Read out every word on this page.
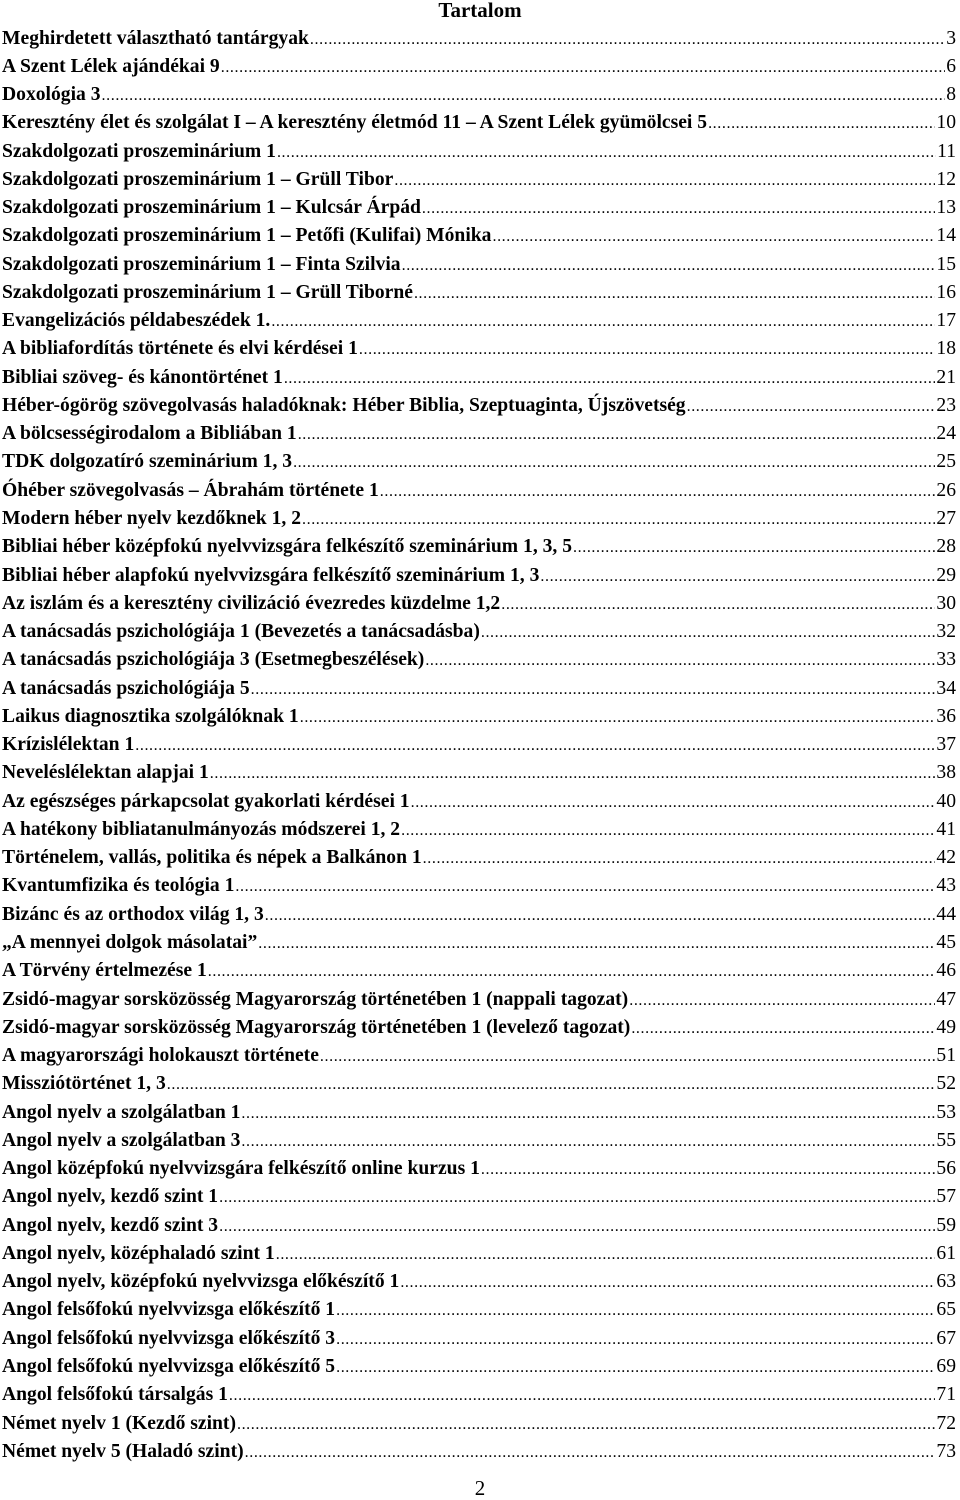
Tartalom
Meghirdetett választható tantárgyak .....	3
A Szent Lélek ajándékai 9 .....	6
Doxológia 3 .....	8
Keresztény élet és szolgálat I – A keresztény életmód 11 – A Szent Lélek gyümölcsei 5 .....	10
Szakdolgozati proszeminárium 1 .....	11
Szakdolgozati proszeminárium 1 – Grüll Tibor .....	12
Szakdolgozati proszeminárium 1 – Kulcsár Árpád .....	13
Szakdolgozati proszeminárium 1 – Petőfi (Kulifai) Mónika .....	14
Szakdolgozati proszeminárium 1 – Finta Szilvia .....	15
Szakdolgozati proszeminárium 1 – Grüll Tiborné .....	16
Evangelizációs példabeszédek 1. .....	17
A bibliafordítás története és elvi kérdései 1 .....	18
Bibliai szöveg- és kánontörténet 1 .....	21
Héber-ógörög szövegolvasás haladóknak: Héber Biblia, Szeptuaginta, Újszövetség .....	23
A bölcsességirodalom a Bibliában 1 .....	24
TDK dolgozatíró szeminárium 1, 3 .....	25
Óhéber szövegolvasás – Ábrahám története 1 .....	26
Modern héber nyelv kezdőknek 1, 2 .....	27
Bibliai héber középfokú nyelvvizsgára felkészítő szeminárium 1, 3, 5 .....	28
Bibliai héber alapfokú nyelvvizsgára felkészítő szeminárium 1, 3 .....	29
Az iszlám és a keresztény civilizáció évezredes küzdelme 1,2 .....	30
A tanácsadás pszichológiája 1 (Bevezetés a tanácsadásba) .....	32
A tanácsadás pszichológiája 3 (Esetmegbeszélések) .....	33
A tanácsadás pszichológiája 5 .....	34
Laikus diagnosztika szolgálóknak 1 .....	36
Krízislélektan 1 .....	37
Neveléslélektan alapjai 1 .....	38
Az egészséges párkapcsolat gyakorlati kérdései 1 .....	40
A hatékony bibliatanulmányozás módszerei 1, 2 .....	41
Történelem, vallás, politika és népek a Balkánon 1 .....	42
Kvantumfizika és teológia 1 .....	43
Bizánc és az orthodox világ 1, 3 .....	44
„A mennyei dolgok másolatai” .....	45
A Törvény értelmezése 1 .....	46
Zsidó-magyar sorsközösség Magyarország történetében 1 (nappali tagozat) .....	47
Zsidó-magyar sorsközösség Magyarország történetében 1 (levelező tagozat) .....	49
A magyarországi holokauszt története .....	51
Missziótörténet 1, 3 .....	52
Angol nyelv a szolgálatban 1 .....	53
Angol nyelv a szolgálatban 3 .....	55
Angol középfokú nyelvvizsgára felkészítő online kurzus 1 .....	56
Angol nyelv, kezdő szint 1 .....	57
Angol nyelv, kezdő szint 3 .....	59
Angol nyelv, középhaladó szint 1 .....	61
Angol nyelv, középfokú nyelvvizsga előkészítő 1 .....	63
Angol felsőfokú nyelvvizsga előkészítő 1 .....	65
Angol felsőfokú nyelvvizsga előkészítő 3 .....	67
Angol felsőfokú nyelvvizsga előkészítő 5 .....	69
Angol felsőfokú társalgás 1 .....	71
Német nyelv 1 (Kezdő szint) .....	72
Német nyelv 5 (Haladó szint) .....	73
2
